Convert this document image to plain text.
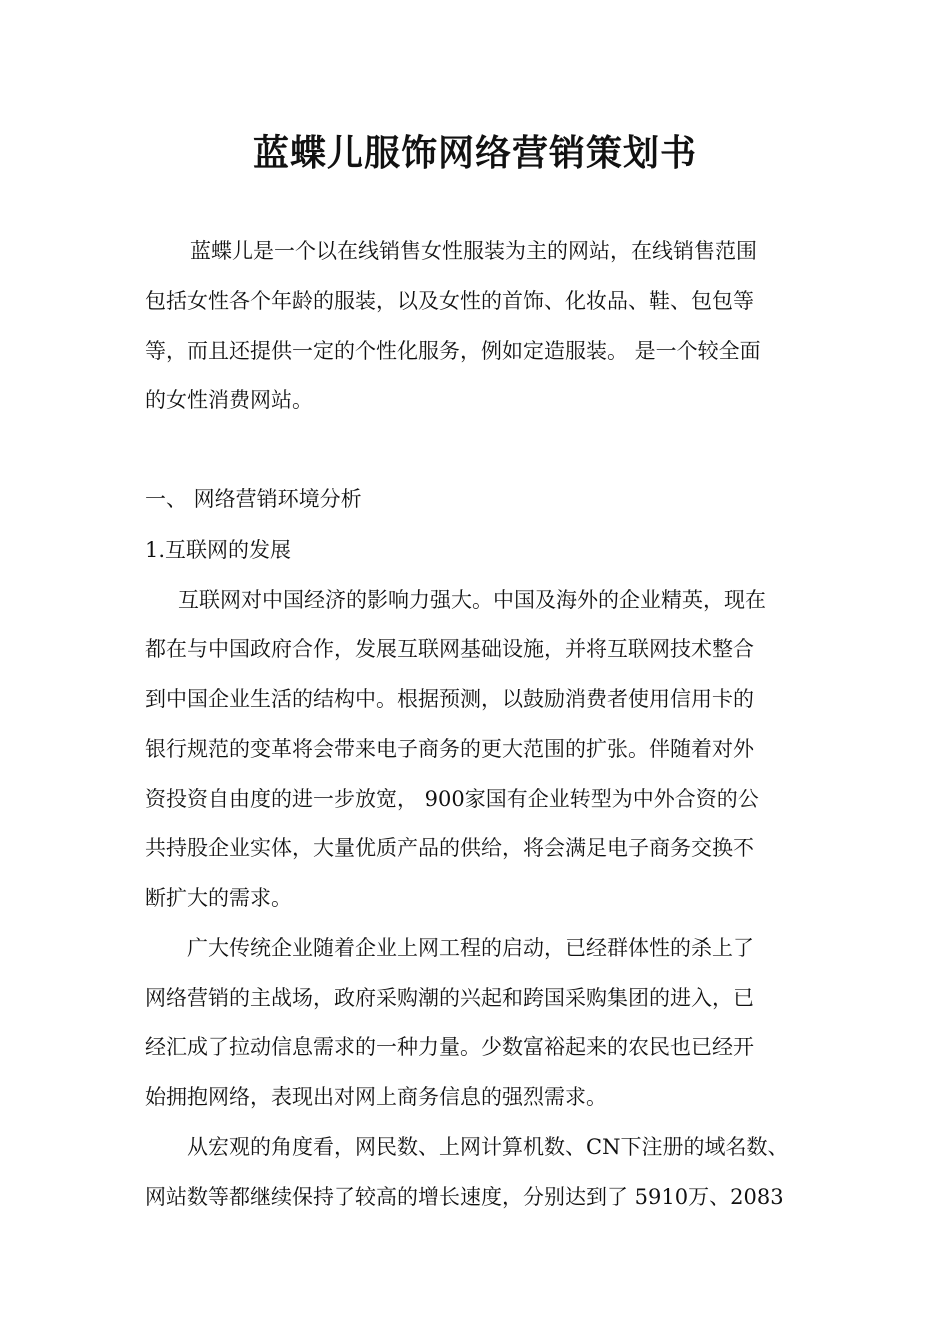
蓝蝶儿服饰网络营销策划书

蓝蝶儿是一个以在线销售女性服装为主的网站，在线销售范围

包括女性各个年龄的服装，以及女性的首饰、化妆品、鞋、包包等

等，而且还提供一定的个性化服务，例如定造服装。 是一个较全面

的女性消费网站。

一、 网络营销环境分析

1.互联网的发展

互联网对中国经济的影响力强大。中国及海外的企业精英，现在

都在与中国政府合作，发展互联网基础设施，并将互联网技术整合

到中国企业生活的结构中。根据预测，以鼓励消费者使用信用卡的

银行规范的变革将会带来电子商务的更大范围的扩张。伴随着对外

资投资自由度的进一步放宽， 900家国有企业转型为中外合资的公

共持股企业实体，大量优质产品的供给，将会满足电子商务交换不

断扩大的需求。

广大传统企业随着企业上网工程的启动，已经群体性的杀上了

网络营销的主战场，政府采购潮的兴起和跨国采购集团的进入，已

经汇成了拉动信息需求的一种力量。少数富裕起来的农民也已经开

始拥抱网络，表现出对网上商务信息的强烈需求。

从宏观的角度看，网民数、上网计算机数、CN下注册的域名数、

网站数等都继续保持了较高的增长速度，分别达到了 5910万、2083
